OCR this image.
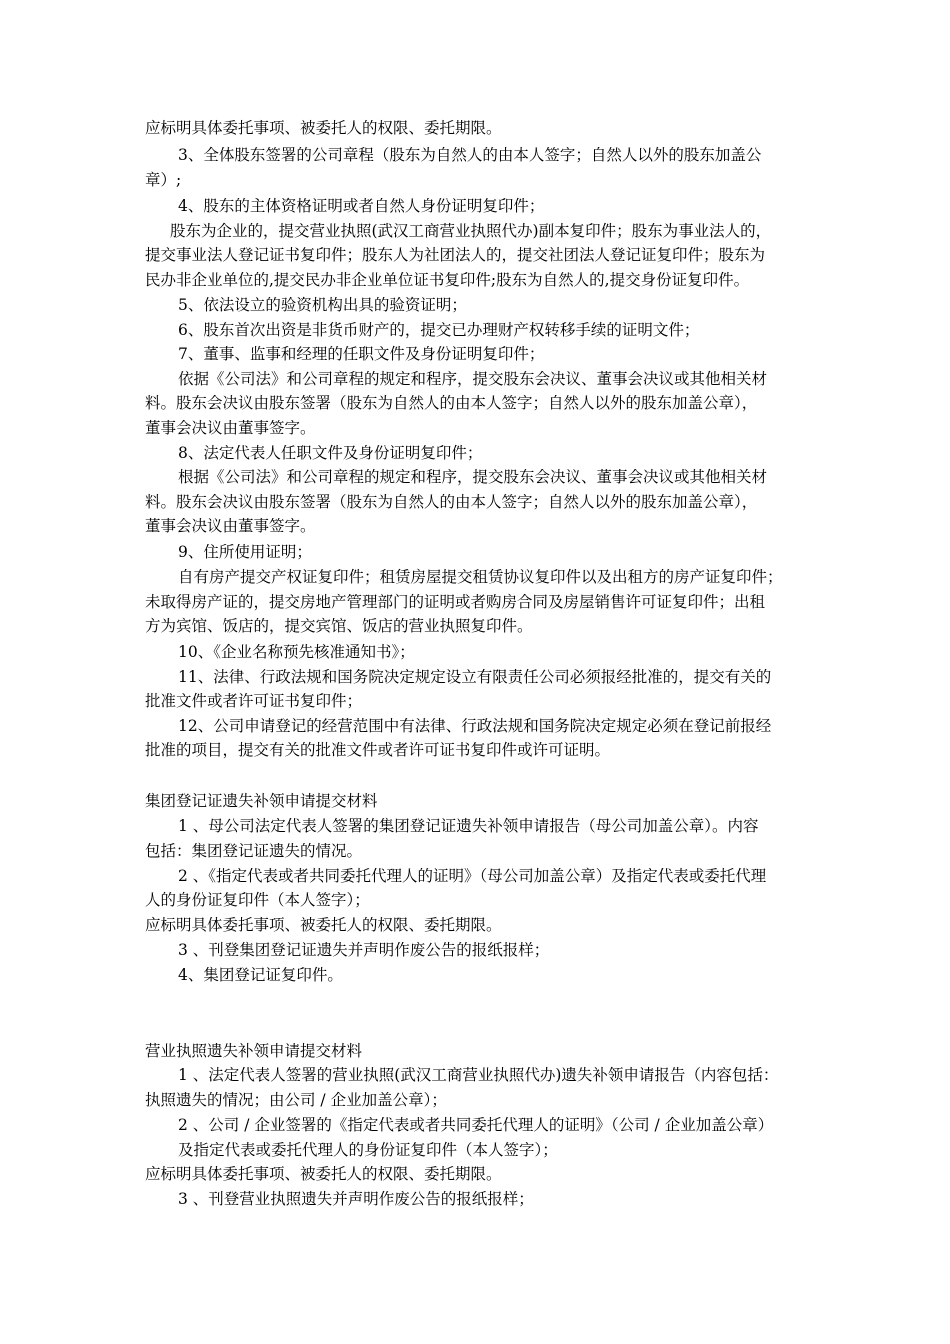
应标明具体委托事项、被委托人的权限、委托期限。
3、全体股东签署的公司章程（股东为自然人的由本人签字；自然人以外的股东加盖公
章）;
4、股东的主体资格证明或者自然人身份证明复印件；
股东为企业的，提交营业执照(武汉工商营业执照代办)副本复印件；股东为事业法人的，
提交事业法人登记证书复印件；股东人为社团法人的，提交社团法人登记证复印件；股东为
民办非企业单位的,提交民办非企业单位证书复印件;股东为自然人的,提交身份证复印件。
5、依法设立的验资机构出具的验资证明；
6、股东首次出资是非货币财产的，提交已办理财产权转移手续的证明文件；
7、董事、监事和经理的任职文件及身份证明复印件；
依据《公司法》和公司章程的规定和程序，提交股东会决议、董事会决议或其他相关材
料。股东会决议由股东签署（股东为自然人的由本人签字；自然人以外的股东加盖公章），
董事会决议由董事签字。
8、法定代表人任职文件及身份证明复印件；
根据《公司法》和公司章程的规定和程序，提交股东会决议、董事会决议或其他相关材
料。股东会决议由股东签署（股东为自然人的由本人签字；自然人以外的股东加盖公章），
董事会决议由董事签字。
9、住所使用证明；
自有房产提交产权证复印件；租赁房屋提交租赁协议复印件以及出租方的房产证复印件；
未取得房产证的，提交房地产管理部门的证明或者购房合同及房屋销售许可证复印件；出租
方为宾馆、饭店的，提交宾馆、饭店的营业执照复印件。
10、《企业名称预先核准通知书》；
11、法律、行政法规和国务院决定规定设立有限责任公司必须报经批准的，提交有关的
批准文件或者许可证书复印件；
12、公司申请登记的经营范围中有法律、行政法规和国务院决定规定必须在登记前报经
批准的项目，提交有关的批准文件或者许可证书复印件或许可证明。
集团登记证遗失补领申请提交材料
1 、母公司法定代表人签署的集团登记证遗失补领申请报告（母公司加盖公章）。内容
包括：集团登记证遗失的情况。
2 、《指定代表或者共同委托代理人的证明》（母公司加盖公章）及指定代表或委托代理
人的身份证复印件（本人签字）；
应标明具体委托事项、被委托人的权限、委托期限。
3 、刊登集团登记证遗失并声明作废公告的报纸报样；
4、集团登记证复印件。
营业执照遗失补领申请提交材料
1 、法定代表人签署的营业执照(武汉工商营业执照代办)遗失补领申请报告（内容包括：
执照遗失的情况；由公司 / 企业加盖公章）；
2 、公司 / 企业签署的《指定代表或者共同委托代理人的证明》（公司 / 企业加盖公章）
及指定代表或委托代理人的身份证复印件（本人签字）；
应标明具体委托事项、被委托人的权限、委托期限。
3 、刊登营业执照遗失并声明作废公告的报纸报样；
